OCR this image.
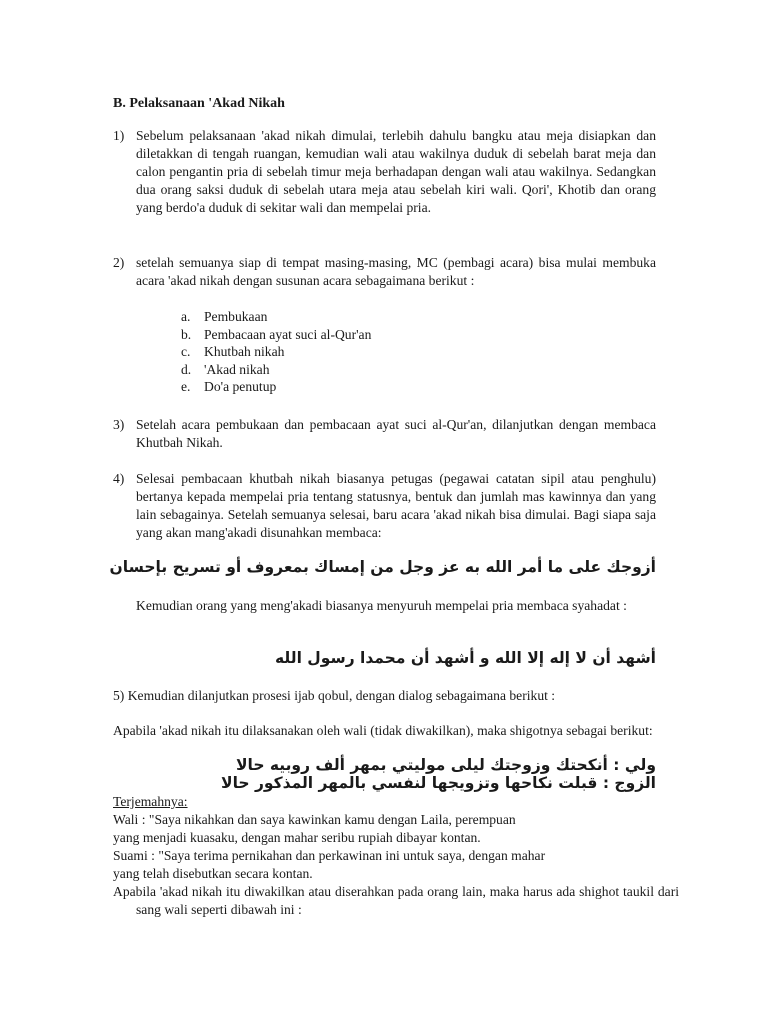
B. Pelaksanaan 'Akad Nikah
1) Sebelum pelaksanaan 'akad nikah dimulai, terlebih dahulu bangku atau meja disiapkan dan diletakkan di tengah ruangan, kemudian wali atau wakilnya duduk di sebelah barat meja dan calon pengantin pria di sebelah timur meja berhadapan dengan wali atau wakilnya. Sedangkan dua orang saksi duduk di sebelah utara meja atau sebelah kiri wali. Qori', Khotib dan orang yang berdo'a duduk di sekitar wali dan mempelai pria.
2) setelah semuanya siap di tempat masing-masing, MC (pembagi acara) bisa mulai membuka acara 'akad nikah dengan susunan acara sebagaimana berikut :
a. Pembukaan
b. Pembacaan ayat suci al-Qur'an
c. Khutbah nikah
d. 'Akad nikah
e. Do'a penutup
3) Setelah acara pembukaan dan pembacaan ayat suci al-Qur'an, dilanjutkan dengan membaca Khutbah Nikah.
4) Selesai pembacaan khutbah nikah biasanya petugas (pegawai catatan sipil atau penghulu) bertanya kepada mempelai pria tentang statusnya, bentuk dan jumlah mas kawinnya dan yang lain sebagainya. Setelah semuanya selesai, baru acara 'akad nikah bisa dimulai. Bagi siapa saja yang akan mang'akadi disunahkan membaca:
أزوجك على ما أمر الله به عز وجل من إمساك بمعروف أو تسريح بإحسان
Kemudian orang yang meng'akadi biasanya menyuruh mempelai pria membaca syahadat :
أشهد أن لا إله إلا الله و أشهد أن محمدا رسول الله
5) Kemudian dilanjutkan prosesi ijab qobul, dengan dialog sebagaimana berikut :
Apabila 'akad nikah itu dilaksanakan oleh wali (tidak diwakilkan), maka shigotnya sebagai berikut:
ولي : أنكحتك وزوجتك ليلى موليتي بمهر ألف روبيه حالا
الزوج : قبلت نكاحها وتزويجها لنفسي بالمهر المذكور حالا
Terjemahnya:
Wali : "Saya nikahkan dan saya kawinkan kamu dengan Laila, perempuan
yang menjadi kuasaku, dengan mahar seribu rupiah dibayar kontan.
Suami : "Saya terima pernikahan dan perkawinan ini untuk saya, dengan mahar
yang telah disebutkan secara kontan.
Apabila 'akad nikah itu diwakilkan atau diserahkan pada orang lain, maka harus ada shighot taukil dari sang wali seperti dibawah ini :
